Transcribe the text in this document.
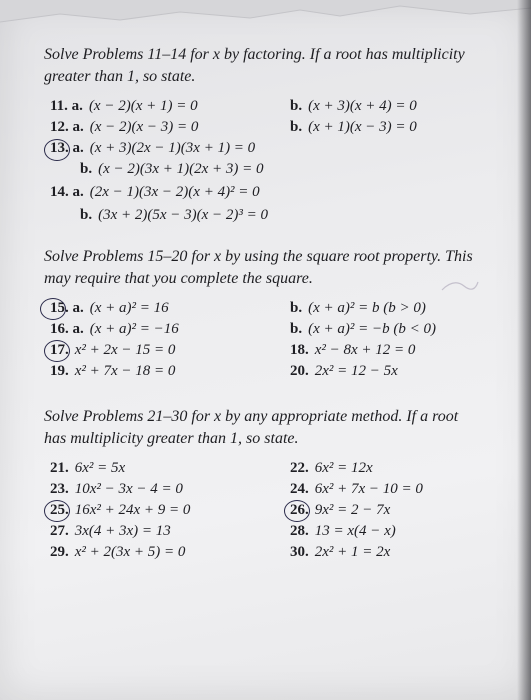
Solve Problems 11–14 for x by factoring. If a root has multiplicity
greater than 1, so state.
11. a. (x − 2)(x + 1) = 0	b. (x + 3)(x + 4) = 0
12. a. (x − 2)(x − 3) = 0	b. (x + 1)(x − 3) = 0
13. a. (x + 3)(2x − 1)(3x + 1) = 0
b. (x − 2)(3x + 1)(2x + 3) = 0
14. a. (2x − 1)(3x − 2)(x + 4)² = 0
b. (3x + 2)(5x − 3)(x − 2)³ = 0
Solve Problems 15–20 for x by using the square root property. This
may require that you complete the square.
15. a. (x + a)² = 16	b. (x + a)² = b (b > 0)
16. a. (x + a)² = −16	b. (x + a)² = −b (b < 0)
17. x² + 2x − 15 = 0	18. x² − 8x + 12 = 0
19. x² + 7x − 18 = 0	20. 2x² = 12 − 5x
Solve Problems 21–30 for x by any appropriate method. If a root
has multiplicity greater than 1, so state.
21. 6x² = 5x	22. 6x² = 12x
23. 10x² − 3x − 4 = 0	24. 6x² + 7x − 10 = 0
25. 16x² + 24x + 9 = 0	26. 9x² = 2 − 7x
27. 3x(4 + 3x) = 13	28. 13 = x(4 − x)
29. x² + 2(3x + 5) = 0	30. 2x² + 1 = 2x
